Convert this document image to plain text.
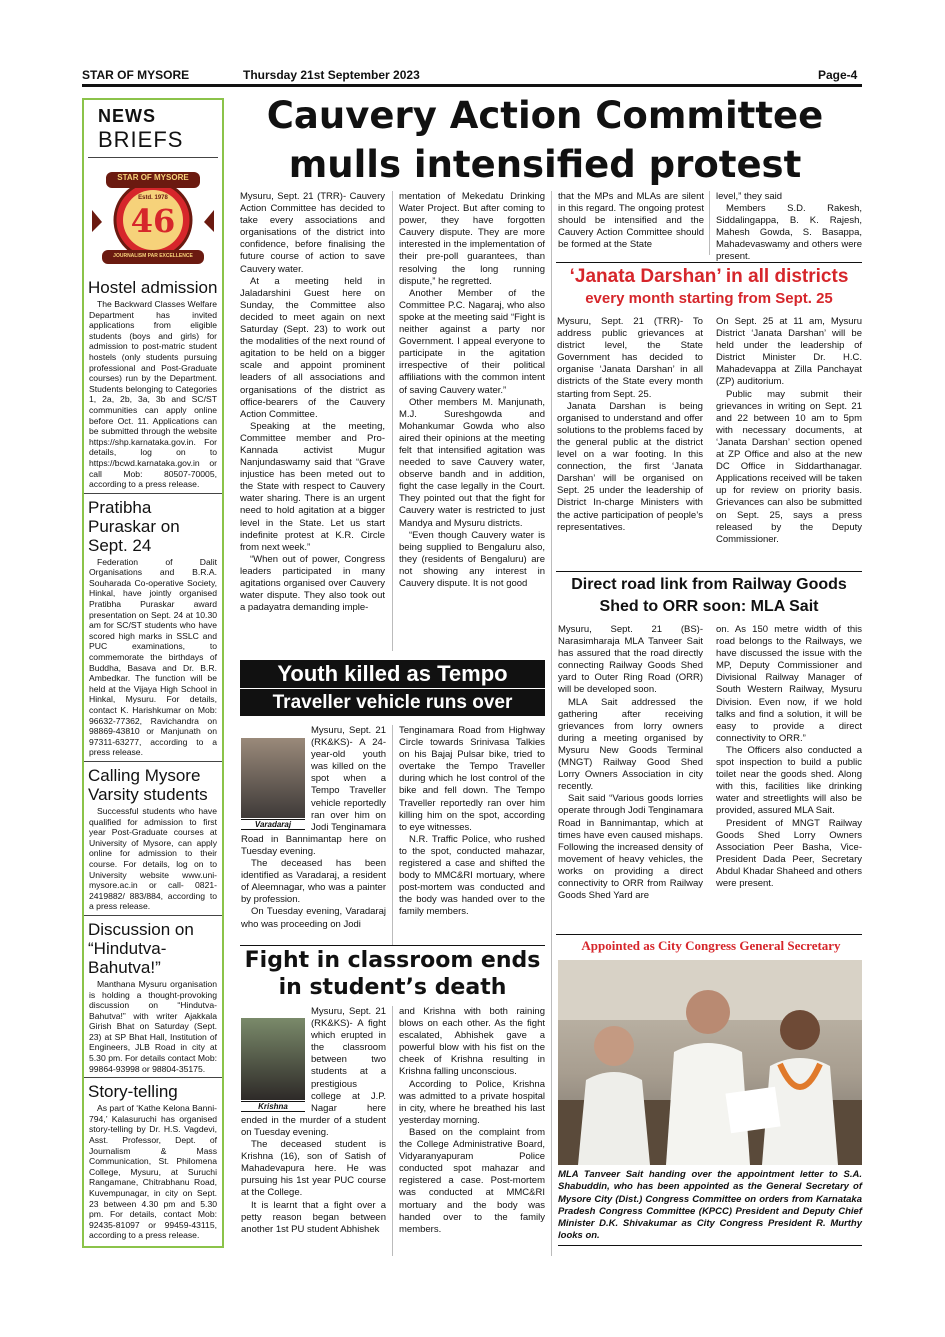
STAR OF MYSORE	Thursday 21st September 2023	Page-4
NEWS
BRIEFS
STAR OF MYSORE
Estd. 1978
46
JOURNALISM PAR EXCELLENCE
Hostel admission
The Backward Classes Welfare Department has invited applications from eligible students (boys and girls) for admission to post-matric student hostels (only students pursuing professional and Post-Graduate courses) run by the Department. Students belonging to Categories 1, 2a, 2b, 3a, 3b and SC/ST communities can apply online before Oct. 11. Applications can be submitted through the website https://shp.karnataka.gov.in. For details, log on to https://bcwd.karnataka.gov.in or call Mob: 80507-70005, according to a press release.
Pratibha Puraskar on Sept. 24
Federation of Dalit Organisations and B.R.A. Souharada Co-operative Society, Hinkal, have jointly organised Pratibha Puraskar award presentation on Sept. 24 at 10.30 am for SC/ST students who have scored high marks in SSLC and PUC examinations, to commemorate the birthdays of Buddha, Basava and Dr. B.R. Ambedkar. The function will be held at the Vijaya High School in Hinkal, Mysuru. For details, contact K. Harishkumar on Mob: 96632-77362, Ravichandra on 98869-43810 or Manjunath on 97311-63277, according to a press release.
Calling Mysore Varsity students
Successful students who have qualified for admission to first year Post-Graduate courses at University of Mysore, can apply online for admission to their course. For details, log on to University website www.uni-mysore.ac.in or call- 0821-2419882/ 883/884, according to a press release.
Discussion on “Hindutva-Bahutva!”
Manthana Mysuru organisation is holding a thought-provoking discussion on “Hindutva-Bahutva!” with writer Ajakkala Girish Bhat on Saturday (Sept. 23) at SP Bhat Hall, Institution of Engineers, JLB Road in city at 5.30 pm. For details contact Mob: 99864-93998 or 98804-35175.
Story-telling
As part of ‘Kathe Kelona Banni-794,’ Kalasuruchi has organised story-telling by Dr. H.S. Vagdevi, Asst. Professor, Dept. of Journalism & Mass Communication, St. Philomena College, Mysuru, at Suruchi Rangamane, Chitrabhanu Road, Kuvempunagar, in city on Sept. 23 between 4.30 pm and 5.30 pm. For details, contact Mob: 92435-81097 or 99459-43115, according to a press release.
Cauvery Action Committee
mulls intensified protest

Mysuru, Sept. 21 (TRR)- Cauvery Action Committee has decided to take every associations and organisations of the district into confidence, before finalising the future course of action to save Cauvery water.

At a meeting held in Jaladarshini Guest here on Sunday, the Committee also decided to meet again on next Saturday (Sept. 23) to work out the modalities of the next round of agitation to be held on a bigger scale and appoint prominent leaders of all associations and organisations of the district as office-bearers of the Cauvery Action Committee.

Speaking at the meeting, Committee member and Pro-Kannada activist Mugur Nanjundaswamy said that “Grave injustice has been meted out to the State with respect to Cauvery water sharing. There is an urgent need to hold agitation at a bigger level in the State. Let us start indefinite protest at K.R. Circle from next week.”

“When out of power, Congress leaders participated in many agitations organised over Cauvery water dispute. They also took out a padayatra demanding imple-

mentation of Mekedatu Drinking Water Project. But after coming to power, they have forgotten Cauvery dispute. They are more interested in the implementation of their pre-poll guarantees, than resolving the long running dispute,” he regretted.

Another Member of the Committee P.C. Nagaraj, who also spoke at the meeting said “Fight is neither against a party nor Government. I appeal everyone to participate in the agitation irrespective of their political affiliations with the common intent of saving Cauvery water.”

Other members M. Manjunath, M.J. Sureshgowda and Mohankumar Gowda who also aired their opinions at the meeting felt that intensified agitation was needed to save Cauvery water, observe bandh and in addition, fight the case legally in the Court. They pointed out that the fight for Cauvery water is restricted to just Mandya and Mysuru districts.

“Even though Cauvery water is being supplied to Bengaluru also, they (residents of Bengaluru) are not showing any interest in Cauvery dispute. It is not good

that the MPs and MLAs are silent in this regard. The ongoing protest should be intensified and the Cauvery Action Committee should be formed at the State

level,” they said

Members S.D. Rakesh, Siddalingappa, B. K. Rajesh, Mahesh Gowda, S. Basappa, Mahadevaswamy and others were present.

‘Janata Darshan’ in all districts
every month starting from Sept. 25

Mysuru, Sept. 21 (TRR)- To address public grievances at district level, the State Government has decided to organise ‘Janata Darshan’ in all districts of the State every month starting from Sept. 25.

Janata Darshan is being organised to understand and offer solutions to the problems faced by the general public at the district level on a war footing. In this connection, the first ‘Janata Darshan’ will be organised on Sept. 25 under the leadership of District In-charge Ministers with the active participation of people’s representatives.

On Sept. 25 at 11 am, Mysuru District ‘Janata Darshan’ will be held under the leadership of District Minister Dr. H.C. Mahadevappa at Zilla Panchayat (ZP) auditorium.

Public may submit their grievances in writing on Sept. 21 and 22 between 10 am to 5pm with necessary documents, at ‘Janata Darshan’ section opened at ZP Office and also at the new DC Office in Siddarthanagar. Applications received will be taken up for review on priority basis. Grievances can also be submitted on Sept. 25, says a press released by the Deputy Commissioner.

Direct road link from Railway Goods
Shed to ORR soon: MLA Sait

Mysuru, Sept. 21 (BS)- Narasimharaja MLA Tanveer Sait has assured that the road directly connecting Railway Goods Shed yard to Outer Ring Road (ORR) will be developed soon.

MLA Sait addressed the gathering after receiving grievances from lorry owners during a meeting organised by Mysuru New Goods Terminal (MNGT) Railway Good Shed Lorry Owners Association in city recently.

Sait said “Various goods lorries operate through Jodi Tenginamara Road in Bannimantap, which at times have even caused mishaps. Following the increased density of movement of heavy vehicles, the works on providing a direct connectivity to ORR from Railway Goods Shed Yard are

on. As 150 metre width of this road belongs to the Railways, we have discussed the issue with the MP, Deputy Commissioner and Divisional Railway Manager of South Western Railway, Mysuru Division. Even now, if we hold talks and find a solution, it will be easy to provide a direct connectivity to ORR.”

The Officers also conducted a spot inspection to build a public toilet near the goods shed. Along with this, facilities like drinking water and streetlights will also be provided, assured MLA Sait.

President of MNGT Railway Goods Shed Lorry Owners Association Peer Basha, Vice-President Dada Peer, Secretary Abdul Khadar Shaheed and others were present.

Youth killed as Tempo
Traveller vehicle runs over
Varadaraj

Mysuru, Sept. 21 (RK&KS)- A 24-year-old youth was killed on the spot when a Tempo Traveller vehicle reportedly ran over him on Jodi Tenginamara Road in Bannimantap here on Tuesday evening.

The deceased has been identified as Varadaraj, a resident of Aleemnagar, who was a painter by profession.

On Tuesday evening, Varadaraj who was proceeding on Jodi

Tenginamara Road from Highway Circle towards Srinivasa Talkies on his Bajaj Pulsar bike, tried to overtake the Tempo Traveller during which he lost control of the bike and fell down. The Tempo Traveller reportedly ran over him killing him on the spot, according to eye witnesses.

N.R. Traffic Police, who rushed to the spot, conducted mahazar, registered a case and shifted the body to MMC&RI mortuary, where post-mortem was conducted and the body was handed over to the family members.

Fight in classroom ends
in student’s death
Krishna

Mysuru, Sept. 21 (RK&KS)- A fight which erupted in the classroom between two students at a prestigious college at J.P. Nagar here ended in the murder of a student on Tuesday evening.

The deceased student is Krishna (16), son of Satish of Mahadevapura here. He was pursuing his 1st year PUC course at the College.

It is learnt that a fight over a petty reason began between another 1st PU student Abhishek

and Krishna with both raining blows on each other. As the fight escalated, Abhishek gave a powerful blow with his fist on the cheek of Krishna resulting in Krishna falling unconscious.

According to Police, Krishna was admitted to a private hospital in city, where he breathed his last yesterday morning.

Based on the complaint from the College Administrative Board, Vidyaranyapuram Police conducted spot mahazar and registered a case. Post-mortem was conducted at MMC&RI mortuary and the body was handed over to the family members.

Appointed as City Congress General Secretary
MLA Tanveer Sait handing over the appointment letter to S.A. Shabuddin, who has been appointed as the General Secretary of Mysore City (Dist.) Congress Committee on orders from Karnataka Pradesh Congress Committee (KPCC) President and Deputy Chief Minister D.K. Shivakumar as City Congress President R. Murthy looks on.
